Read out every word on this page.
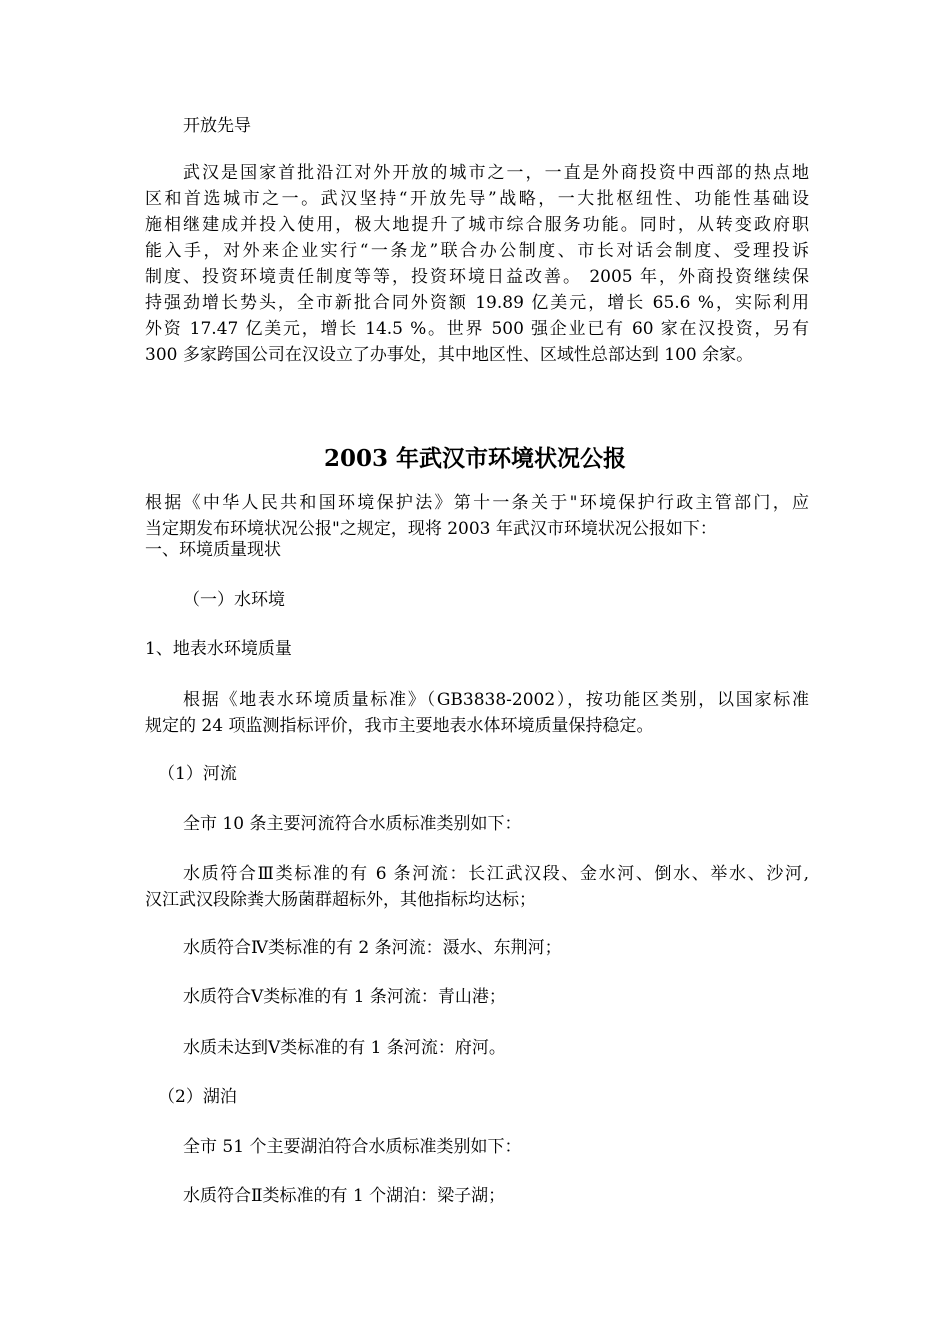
开放先导
武汉是国家首批沿江对外开放的城市之一，一直是外商投资中西部的热点地
区和首选城市之一。武汉坚持“开放先导”战略，一大批枢纽性、功能性基础设
施相继建成并投入使用，极大地提升了城市综合服务功能。同时，从转变政府职
能入手，对外来企业实行“一条龙”联合办公制度、市长对话会制度、受理投诉
制度、投资环境责任制度等等，投资环境日益改善。 2005 年，外商投资继续保
持强劲增长势头，全市新批合同外资额 19.89 亿美元，增长 65.6 %，实际利用
外资 17.47 亿美元，增长 14.5 %。世界 500 强企业已有 60 家在汉投资，另有
300 多家跨国公司在汉设立了办事处，其中地区性、区域性总部达到 100 余家。
2003 年武汉市环境状况公报
根据《中华人民共和国环境保护法》第十一条关于"环境保护行政主管部门，应
当定期发布环境状况公报"之规定，现将 2003 年武汉市环境状况公报如下：
一、环境质量现状
（一）水环境
1、地表水环境质量
根据《地表水环境质量标准》（GB3838-2002），按功能区类别，以国家标准
规定的 24 项监测指标评价，我市主要地表水体环境质量保持稳定。
（1）河流
全市 10 条主要河流符合水质标准类别如下：
水质符合Ⅲ类标准的有 6 条河流：长江武汉段、金水河、倒水、举水、沙河,
汉江武汉段除粪大肠菌群超标外，其他指标均达标；
水质符合Ⅳ类标准的有 2 条河流：滠水、东荆河；
水质符合Ⅴ类标准的有 1 条河流：青山港；
水质未达到Ⅴ类标准的有 1 条河流：府河。
（2）湖泊
全市 51 个主要湖泊符合水质标准类别如下：
水质符合Ⅱ类标准的有 1 个湖泊：梁子湖；
